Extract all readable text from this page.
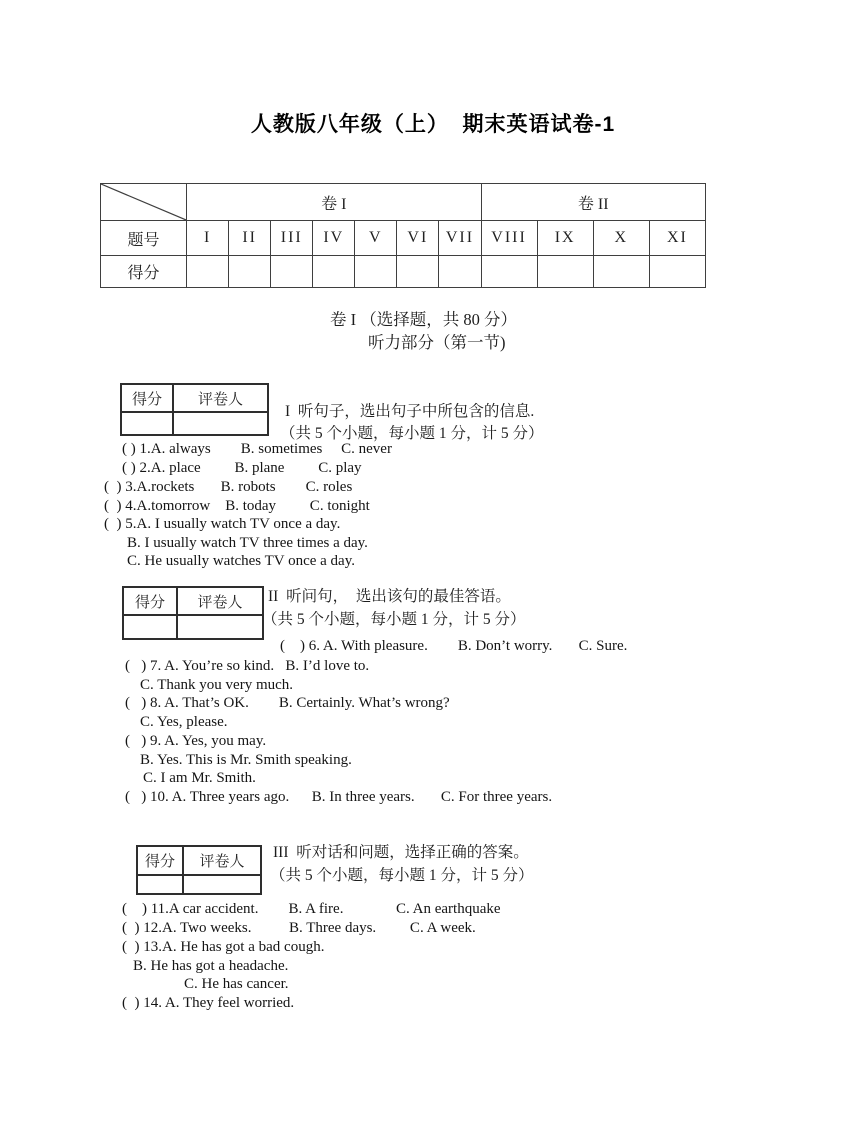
人教版八年级（上）  期末英语试卷-1
	卷 I							卷 II			
题号	I	II	III	IV	V	VI	VII	VIII	IX	X	XI
得分											
卷 I （选择题，共 80 分）
听力部分（第一节)
得分	评卷人

I  听句子，选出句子中所包含的信息.
（共 5 个小题，每小题 1 分，计 5 分）
( ) 1.A. always        B. sometimes     C. never
( ) 2.A. place         B. plane         C. play
(  ) 3.A.rockets       B. robots        C. roles
(  ) 4.A.tomorrow    B. today         C. tonight
(  ) 5.A. I usually watch TV once a day.
B. I usually watch TV three times a day.
C. He usually watches TV once a day.
得分	评卷人
	II  听问句，  选出该句的最佳答语。
（共 5 个小题，每小题 1 分，计 5 分）
(    ) 6. A. With pleasure.        B. Don’t worry.       C. Sure.
(   ) 7. A. You’re so kind.   B. I’d love to.
C. Thank you very much.
(   ) 8. A. That’s OK.        B. Certainly. What’s wrong?
C. Yes, please.
(   ) 9. A. Yes, you may.
B. Yes. This is Mr. Smith speaking.
C. I am Mr. Smith.
(   ) 10. A. Three years ago.      B. In three years.       C. For three years.
得分	评卷人

III  听对话和问题，选择正确的答案。
（共 5 个小题，每小题 1 分，计 5 分）
(    ) 11.A car accident.        B. A fire.              C. An earthquake
(  ) 12.A. Two weeks.          B. Three days.         C. A week.
(  ) 13.A. He has got a bad cough.
B. He has got a headache.
C. He has cancer.
(  ) 14. A. They feel worried.
